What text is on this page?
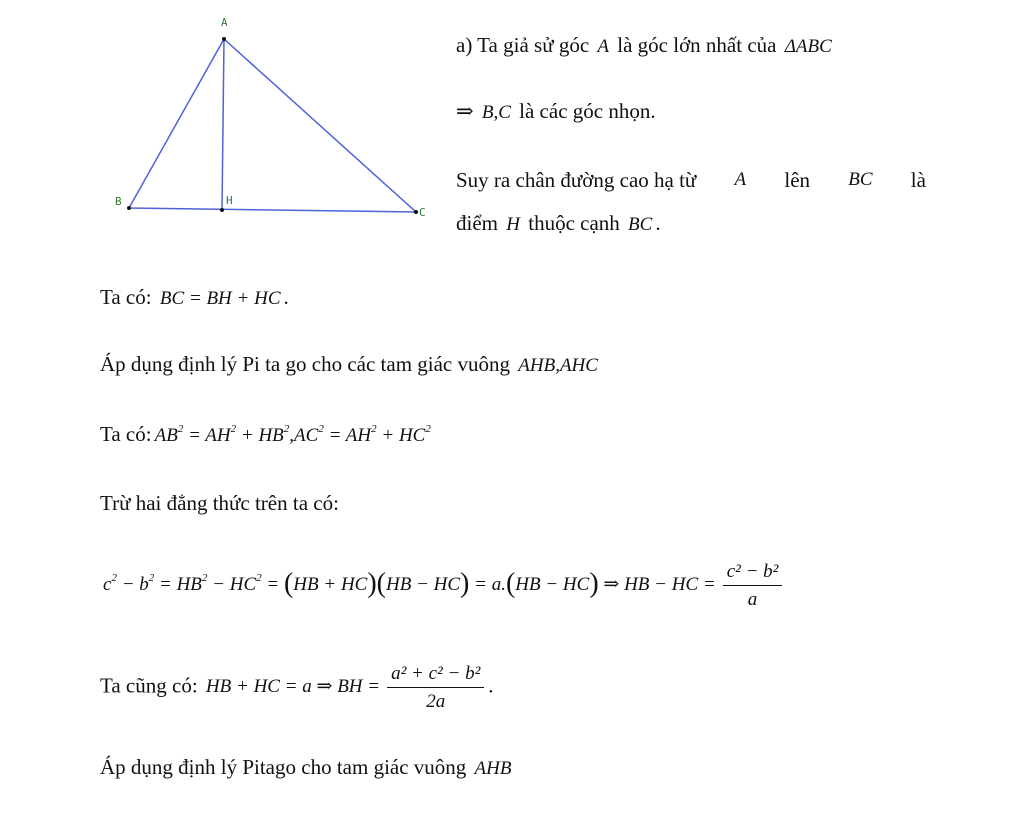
A
B
C
H
a) Ta giả sử góc A là góc lớn nhất của ΔABC
⇒ B,C là các góc nhọn.
Suy ra chân đường cao hạ từ A lên BC là
điểm H thuộc cạnh BC .
Ta có: BC = BH + HC .
Áp dụng định lý Pi ta go cho các tam giác vuông AHB,AHC
Ta có: $AB^2 = AH^2 + HB^2,AC^2 = AH^2 + HC^2$
Trừ hai đẳng thức trên ta có:
$c^2 - b^2 = HB^2 - HC^2 = (HB + HC)(HB - HC) = a.(HB - HC)$ ⇒ HB − HC = $\frac{\text{c² − b²}}{a}$
Ta cũng có: HB + HC = a ⇒ BH = $\frac{\text{a² + c² − b²}}{2a}$ .
Áp dụng định lý Pitago cho tam giác vuông AHB
